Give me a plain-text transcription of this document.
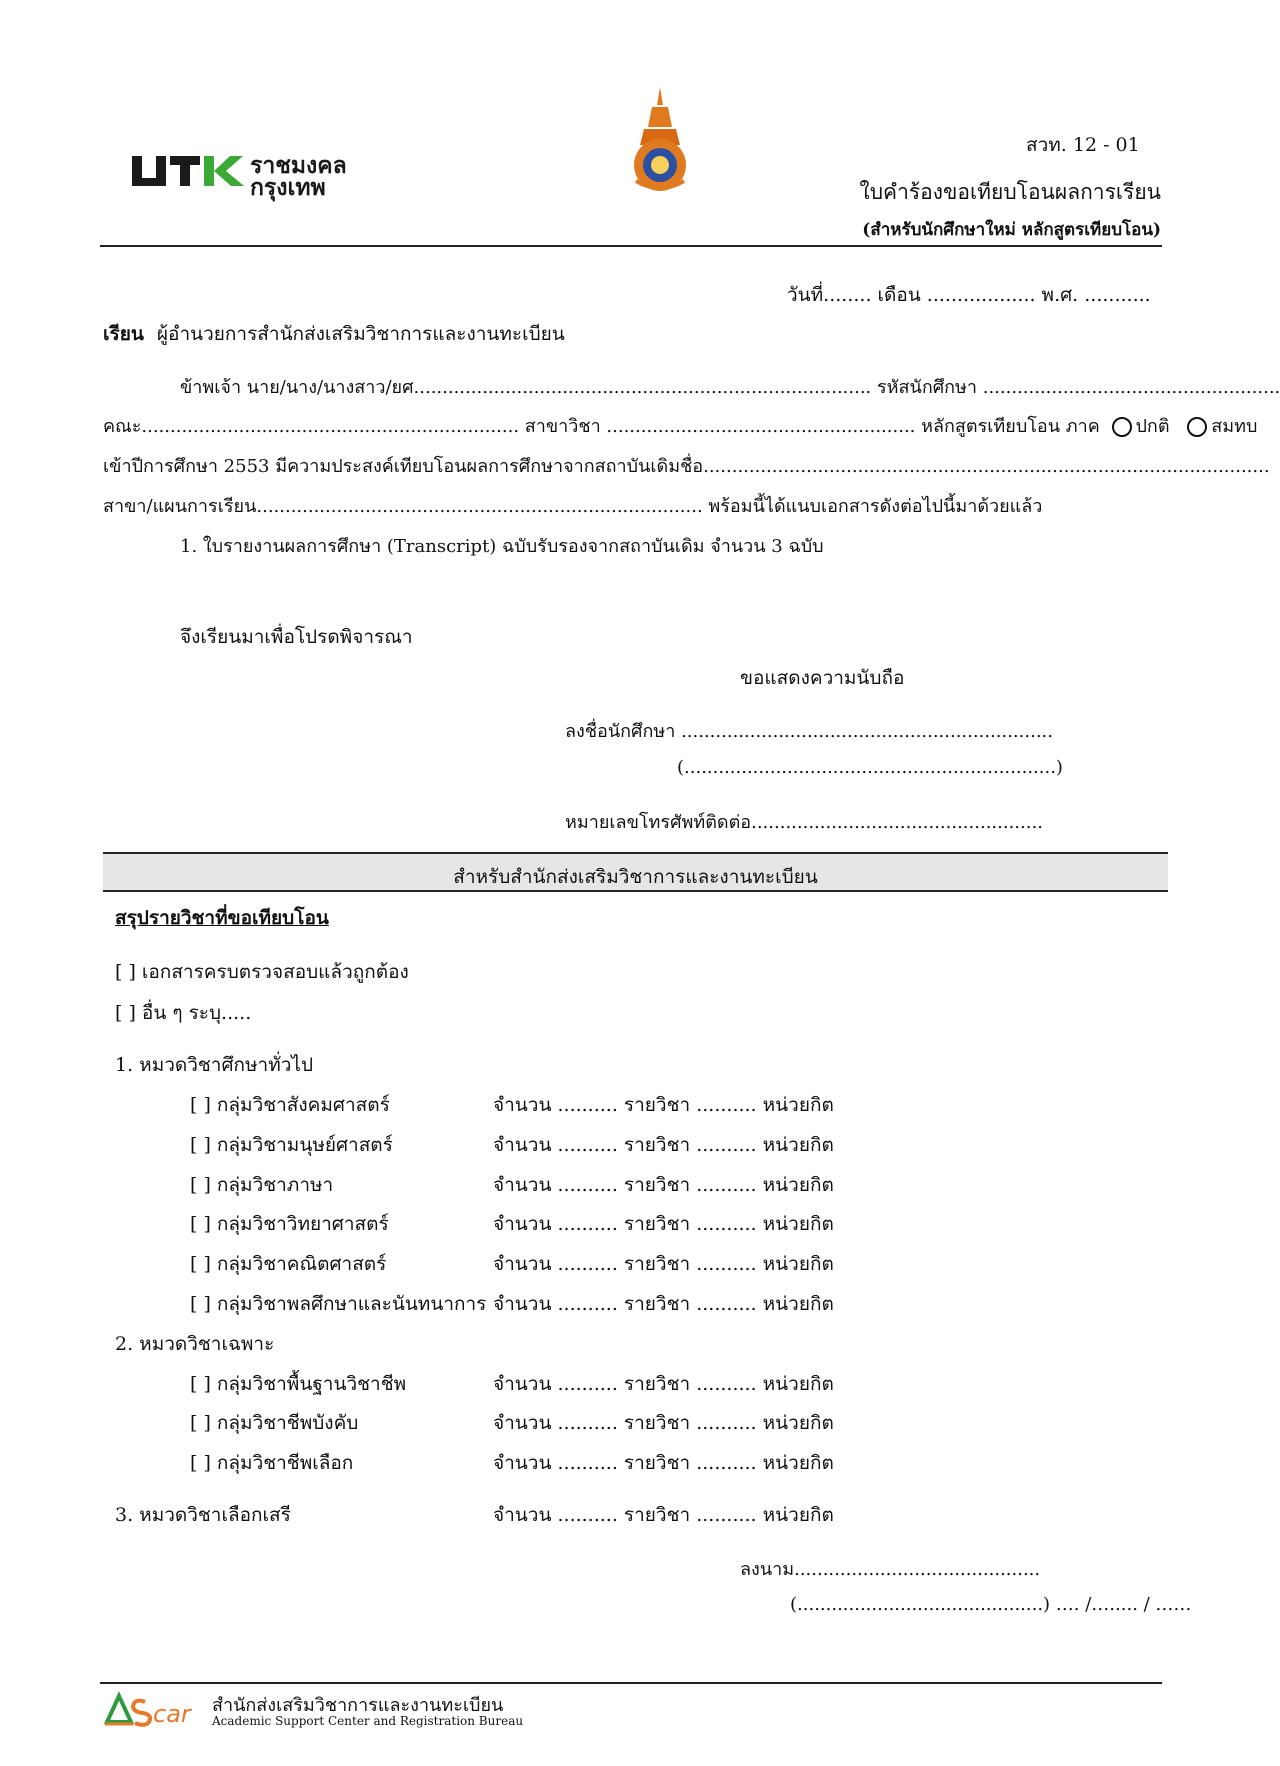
ราชมงคล
กรุงเทพ
สวท. 12 - 01
ใบคำร้องขอเทียบโอนผลการเรียน
(สำหรับนักศึกษาใหม่ หลักสูตรเทียบโอน)
วันที่........ เดือน .................. พ.ศ. ...........
เรียน ผู้อำนวยการสำนักส่งเสริมวิชาการและงานทะเบียน
ข้าพเจ้า นาย/นาง/นางสาว/ยศ................................................................................ รหัสนักศึกษา ....................................................
คณะ.................................................................. สาขาวิชา ...................................................... หลักสูตรเทียบโอน ภาค ปกติ สมทบ
เข้าปีการศึกษา 2553 มีความประสงค์เทียบโอนผลการศึกษาจากสถาบันเดิมชื่อ...................................................................................................
สาขา/แผนการเรียน.............................................................................. พร้อมนี้ได้แนบเอกสารดังต่อไปนี้มาด้วยแล้ว
1. ใบรายงานผลการศึกษา (Transcript) ฉบับรับรองจากสถาบันเดิม จำนวน 3 ฉบับ
จึงเรียนมาเพื่อโปรดพิจารณา
ขอแสดงความนับถือ
ลงชื่อนักศึกษา .................................................................
(.................................................................)
หมายเลขโทรศัพท์ติดต่อ...................................................
สำหรับสำนักส่งเสริมวิชาการและงานทะเบียน
สรุปรายวิชาที่ขอเทียบโอน
[ ] เอกสารครบตรวจสอบแล้วถูกต้อง
[ ] อื่น ๆ ระบุ.....
1. หมวดวิชาศึกษาทั่วไป
[ ] กลุ่มวิชาสังคมศาสตร์	จำนวน .......... รายวิชา .......... หน่วยกิต
[ ] กลุ่มวิชามนุษย์ศาสตร์	จำนวน .......... รายวิชา .......... หน่วยกิต
[ ] กลุ่มวิชาภาษา	จำนวน .......... รายวิชา .......... หน่วยกิต
[ ] กลุ่มวิชาวิทยาศาสตร์	จำนวน .......... รายวิชา .......... หน่วยกิต
[ ] กลุ่มวิชาคณิตศาสตร์	จำนวน .......... รายวิชา .......... หน่วยกิต
[ ] กลุ่มวิชาพลศึกษาและนันทนาการ จำนวน .......... รายวิชา .......... หน่วยกิต
2. หมวดวิชาเฉพาะ
[ ] กลุ่มวิชาพื้นฐานวิชาชีพ	จำนวน .......... รายวิชา .......... หน่วยกิต
[ ] กลุ่มวิชาชีพบังคับ	จำนวน .......... รายวิชา .......... หน่วยกิต
[ ] กลุ่มวิชาชีพเลือก	จำนวน .......... รายวิชา .......... หน่วยกิต
3. หมวดวิชาเลือกเสรี	จำนวน .......... รายวิชา .......... หน่วยกิต
ลงนาม...........................................
(...........................................) …. /…..... / ……
car สำนักส่งเสริมวิชาการและงานทะเบียน
Academic Support Center and Registration Bureau
